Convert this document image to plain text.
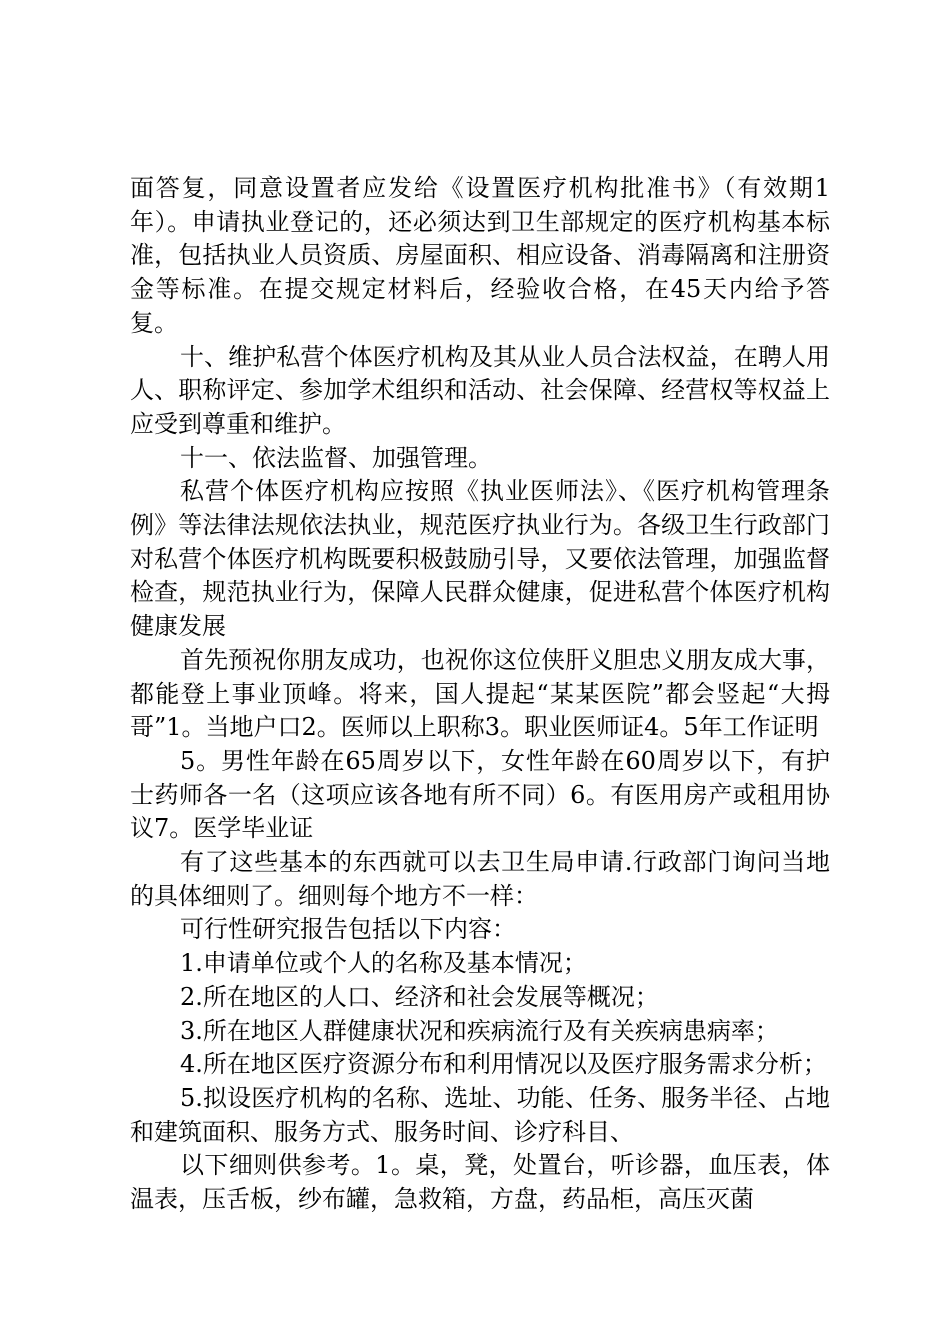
面答复，同意设置者应发给《设置医疗机构批准书》（有效期1年）。申请执业登记的，还必须达到卫生部规定的医疗机构基本标准，包括执业人员资质、房屋面积、相应设备、消毒隔离和注册资金等标准。在提交规定材料后，经验收合格，在45天内给予答复。

十、维护私营个体医疗机构及其从业人员合法权益，在聘人用人、职称评定、参加学术组织和活动、社会保障、经营权等权益上应受到尊重和维护。

十一、依法监督、加强管理。

私营个体医疗机构应按照《执业医师法》、《医疗机构管理条例》等法律法规依法执业，规范医疗执业行为。各级卫生行政部门对私营个体医疗机构既要积极鼓励引导，又要依法管理，加强监督检查，规范执业行为，保障人民群众健康，促进私营个体医疗机构健康发展

首先预祝你朋友成功，也祝你这位侠肝义胆忠义朋友成大事，都能登上事业顶峰。将来，国人提起“某某医院”都会竖起“大拇哥”1。当地户口2。医师以上职称3。职业医师证4。5年工作证明

5。男性年龄在65周岁以下，女性年龄在60周岁以下，有护士药师各一名（这项应该各地有所不同）6。有医用房产或租用协议7。医学毕业证

有了这些基本的东西就可以去卫生局申请.行政部门询问当地的具体细则了。细则每个地方不一样：

可行性研究报告包括以下内容：

1.申请单位或个人的名称及基本情况；

2.所在地区的人口、经济和社会发展等概况；

3.所在地区人群健康状况和疾病流行及有关疾病患病率；

4.所在地区医疗资源分布和利用情况以及医疗服务需求分析；

5.拟设医疗机构的名称、选址、功能、任务、服务半径、占地和建筑面积、服务方式、服务时间、诊疗科目、

以下细则供参考。1。桌，凳，处置台，听诊器，血压表，体温表，压舌板，纱布罐，急救箱，方盘，药品柜，高压灭菌
